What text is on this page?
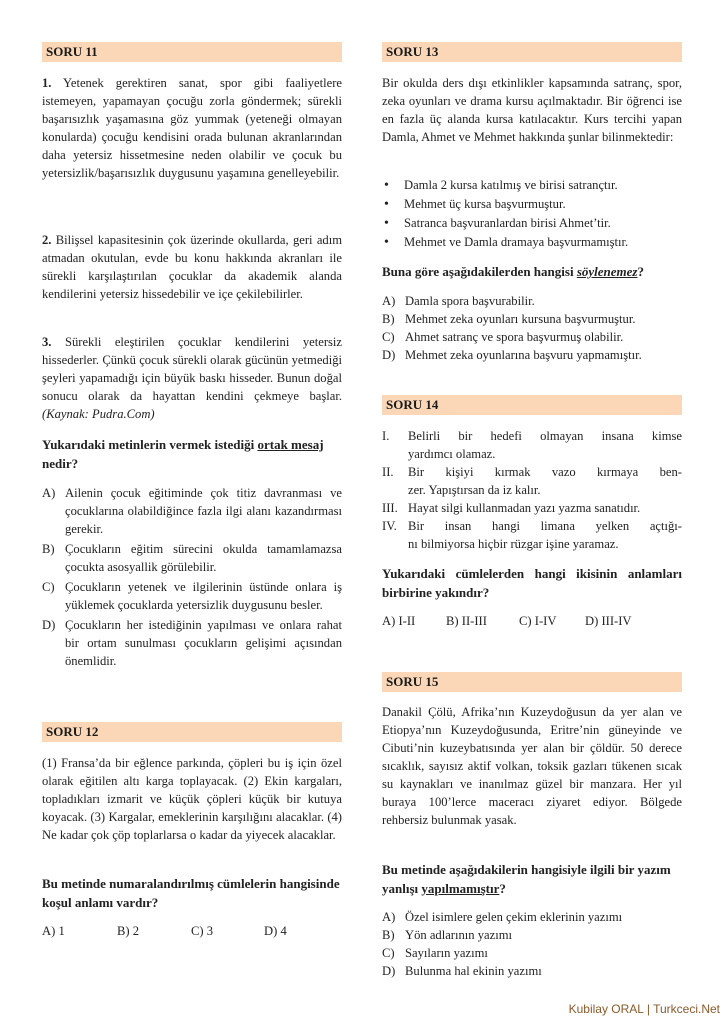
SORU 11
1. Yetenek gerektiren sanat, spor gibi faaliyetlere istemeyen, yapamayan çocuğu zorla göndermek; sürekli başarısızlık yaşamasına göz yummak (yeteneği olmayan konularda) çocuğu kendisini orada bulunan akranlarından daha yetersiz hissetmesine neden olabilir ve çocuk bu yetersizlik/başarısızlık duygusunu yaşamına genelleyebilir.
2. Bilişsel kapasitesinin çok üzerinde okullarda, geri adım atmadan okutulan, evde bu konu hakkında akranları ile sürekli karşılaştırılan çocuklar da akademik alanda kendilerini yetersiz hissedebilir ve içe çekilebilirler.
3. Sürekli eleştirilen çocuklar kendilerini yetersiz hissederler. Çünkü çocuk sürekli olarak gücünün yetmediği şeyleri yapamadığı için büyük baskı hisseder. Bunun doğal sonucu olarak da hayattan kendini çekmeye başlar. (Kaynak: Pudra.Com)
Yukarıdaki metinlerin vermek istediği ortak mesaj nedir?
A) Ailenin çocuk eğitiminde çok titiz davranması ve çocuklarına olabildiğince fazla ilgi alanı kazandırması gerekir.
B) Çocukların eğitim sürecini okulda tamamlamazsa çocukta asosyallik görülebilir.
C) Çocukların yetenek ve ilgilerinin üstünde onlara iş yüklemek çocuklarda yetersizlik duygusunu besler.
D) Çocukların her istediğinin yapılması ve onlara rahat bir ortam sunulması çocukların gelişimi açısından önemlidir.
SORU 12
(1) Fransa’da bir eğlence parkında, çöpleri bu iş için özel olarak eğitilen altı karga toplayacak. (2) Ekin kargaları, topladıkları izmarit ve küçük çöpleri küçük bir kutuya koyacak. (3) Kargalar, emeklerinin karşılığını alacaklar. (4) Ne kadar çok çöp toplarlarsa o kadar da yiyecek alacaklar.
Bu metinde numaralandırılmış cümlelerin hangisinde koşul anlamı vardır?
A) 1	B) 2	C) 3	D) 4
SORU 13
Bir okulda ders dışı etkinlikler kapsamında satranç, spor, zeka oyunları ve drama kursu açılmaktadır. Bir öğrenci ise en fazla üç alanda kursa katılacaktır. Kurs tercihi yapan Damla, Ahmet ve Mehmet hakkında şunlar bilinmektedir:
• Damla 2 kursa katılmış ve birisi satrançtır.
• Mehmet üç kursa başvurmuştur.
• Satranca başvuranlardan birisi Ahmet’tir.
• Mehmet ve Damla dramaya başvurmamıştır.
Buna göre aşağıdakilerden hangisi söylenemez?
A) Damla spora başvurabilir.
B) Mehmet zeka oyunları kursuna başvurmuştur.
C) Ahmet satranç ve spora başvurmuş olabilir.
D) Mehmet zeka oyunlarına başvuru yapmamıştır.
SORU 14
I. Belirli bir hedefi olmayan insana kimse
yardımcı olamaz.
II. Bir kişiyi kırmak vazo kırmaya ben-
zer. Yapıştırsan da iz kalır.
III. Hayat silgi kullanmadan yazı yazma sanatıdır.
IV. Bir insan hangi limana yelken açtığı-
nı bilmiyorsa hiçbir rüzgar işine yaramaz.
Yukarıdaki cümlelerden hangi ikisinin anlamları birbirine yakındır?
A) I-II B) II-III	C) I-IV D) III-IV
SORU 15
Danakil Çölü, Afrika’nın Kuzeydoğusun da yer alan ve Etiopya’nın Kuzeydoğusunda, Eritre’nin güneyinde ve Cibuti’nin kuzeybatısında yer alan bir çöldür. 50 derece sıcaklık, sayısız aktif volkan, toksik gazları tükenen sıcak su kaynakları ve inanılmaz güzel bir manzara. Her yıl buraya 100’lerce maceracı ziyaret ediyor. Bölgede rehbersiz bulunmak yasak.
Bu metinde aşağıdakilerin hangisiyle ilgili bir yazım yanlışı yapılmamıştır?
A) Özel isimlere gelen çekim eklerinin yazımı
B) Yön adlarının yazımı
C) Sayıların yazımı
D) Bulunma hal ekinin yazımı
Kubilay ORAL | Turkceci.Net
